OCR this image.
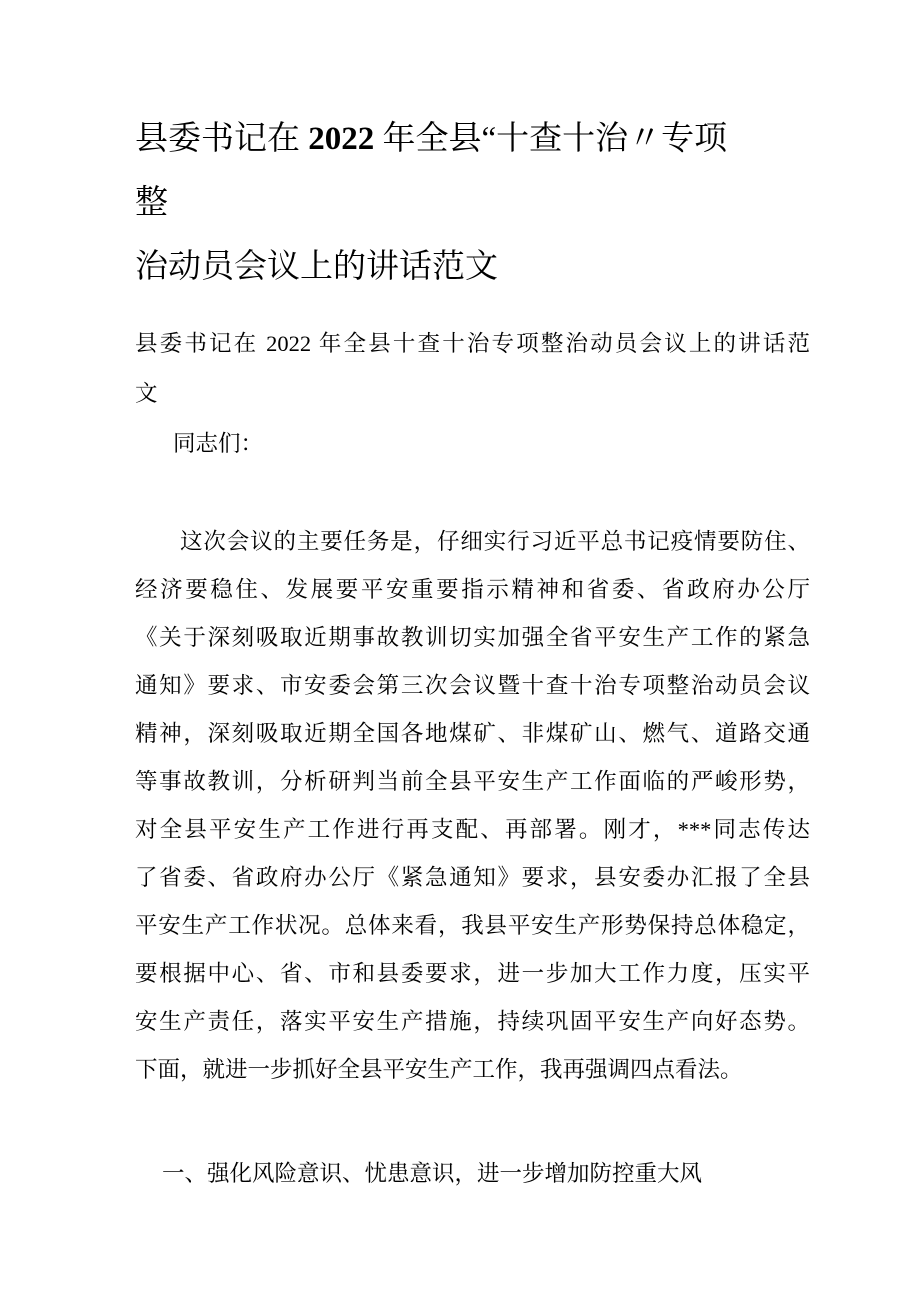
县委书记在 2022 年全县“十查十治〃专项
整
治动员会议上的讲话范文
县委书记在 2022 年全县十查十治专项整治动员会议上的讲话范
文

同志们：

这次会议的主要任务是，仔细实行习近平总书记疫情要防住、
经济要稳住、发展要平安重要指示精神和省委、省政府办公厅
《关于深刻吸取近期事故教训切实加强全省平安生产工作的紧急
通知》要求、市安委会第三次会议暨十查十治专项整治动员会议
精神，深刻吸取近期全国各地煤矿、非煤矿山、燃气、道路交通
等事故教训，分析研判当前全县平安生产工作面临的严峻形势，
对全县平安生产工作进行再支配、再部署。刚才，***同志传达
了省委、省政府办公厅《紧急通知》要求，县安委办汇报了全县
平安生产工作状况。总体来看，我县平安生产形势保持总体稳定，
要根据中心、省、市和县委要求，进一步加大工作力度，压实平
安生产责任，落实平安生产措施，持续巩固平安生产向好态势。
下面，就进一步抓好全县平安生产工作，我再强调四点看法。

一、强化风险意识、忧患意识，进一步增加防控重大风
